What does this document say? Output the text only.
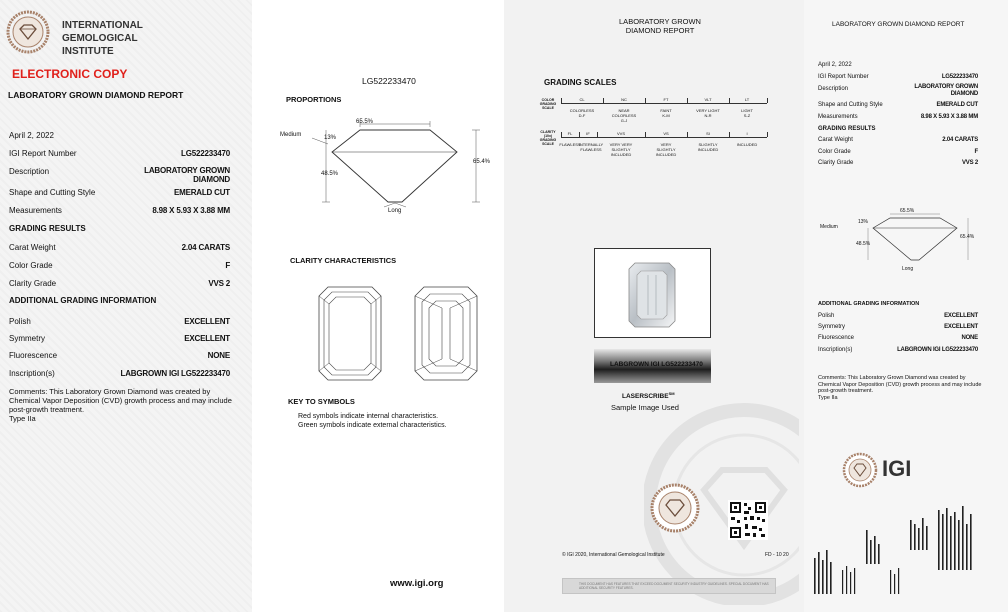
INTERNATIONAL
GEMOLOGICAL
INSTITUTE
ELECTRONIC COPY
LABORATORY GROWN DIAMOND REPORT
April 2, 2022
IGI Report Number	LG522233470
Description	LABORATORY GROWN
DIAMOND
Shape and Cutting Style	EMERALD CUT
Measurements	8.98 X 5.93 X 3.88 MM
GRADING RESULTS
Carat Weight	2.04 CARATS
Color Grade	F
Clarity Grade	VVS 2
ADDITIONAL GRADING INFORMATION
Polish	EXCELLENT
Symmetry	EXCELLENT
Fluorescence	NONE
Inscription(s)	LABGROWN IGI LG522233470
Comments: This Laboratory Grown Diamond was created by Chemical Vapor Deposition (CVD) growth process and may include post-growth treatment.
Type IIa
LG522233470
PROPORTIONS
65.5%
13%
Medium
48.5%
65.4%
Long
CLARITY CHARACTERISTICS
KEY TO SYMBOLS
Red symbols indicate internal characteristics.
Green symbols indicate external characteristics.
www.igi.org
LABORATORY GROWN
DIAMOND REPORT
GRADING SCALES
COLOR
GRADING
SCALE
CL	NC	FT	VLT	LT
COLORLESS
D-F
NEAR
COLORLESS
G-J
FAINT
K-M
VERY LIGHT
N-R
LIGHT
S-Z
CLARITY (10x)
GRADING
SCALE
FL	IF	VVS	VS	SI	I
FLAWLESS
INTERNALLY
FLAWLESS
VERY VERY
SLIGHTLY
INCLUDED
VERY
SLIGHTLY
INCLUDED
SLIGHTLY
INCLUDED
INCLUDED
LABGROWN IGI LG522233470
LASERSCRIBE℠
Sample Image Used
© IGI 2020, International Gemological Institute	FD - 10 20
THIS DOCUMENT HAS FEATURES THAT EXCEED DOCUMENT SECURITY INDUSTRY GUIDELINES. SPECIAL DOCUMENT HAS ADDITIONAL SECURITY FEATURES.
LABORATORY GROWN DIAMOND REPORT
April 2, 2022
IGI Report Number	LG522233470
Description	LABORATORY GROWN
DIAMOND
Shape and Cutting Style	EMERALD CUT
Measurements	8.98 X 5.93 X 3.88 MM
GRADING RESULTS
Carat Weight	2.04 CARATS
Color Grade	F
Clarity Grade	VVS 2
65.5%
13%
Medium
48.5%
65.4%
Long
ADDITIONAL GRADING INFORMATION
Polish	EXCELLENT
Symmetry	EXCELLENT
Fluorescence	NONE
Inscription(s)	LABGROWN IGI LG522233470
Comments: This Laboratory Grown Diamond was created by Chemical Vapor Deposition (CVD) growth process and may include post-growth treatment.
Type IIa
IGI
